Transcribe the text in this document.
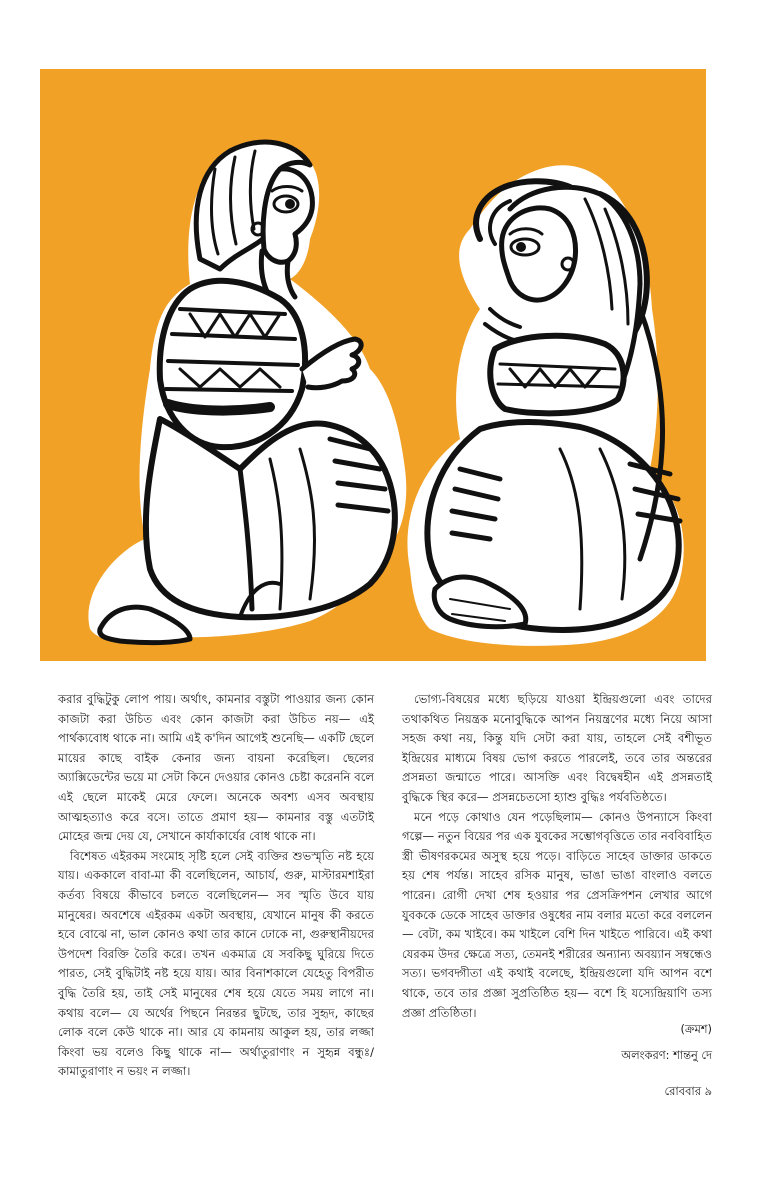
করার বুদ্ধিটুকু লোপ পায়। অর্থাৎ, কামনার বস্তুটা পাওয়ার জন্য কোন কাজটা করা উচিত এবং কোন কাজটা করা উচিত নয়— এই পার্থক্যবোধ থাকে না। আমি এই ক'দিন আগেই শুনেছি— একটি ছেলে মায়ের কাছে বাইক কেনার জন্য বায়না করেছিল। ছেলের অ্যাক্সিডেন্টের ভয়ে মা সেটা কিনে দেওয়ার কোনও চেষ্টা করেননি বলে এই ছেলে মাকেই মেরে ফেলে। অনেকে অবশ্য এসব অবস্থায় আত্মহত্যাও করে বসে। তাতে প্রমাণ হয়— কামনার বস্তু এতটাই মোহের জন্ম দেয় যে, সেখানে কার্যাকার্যের বোধ থাকে না।

বিশেষত এইরকম সংমোহ সৃষ্টি হলে সেই ব্যক্তির শুভস্মৃতি নষ্ট হয়ে যায়। এককালে বাবা-মা কী বলেছিলেন, আচার্য, গুরু, মাস্টারমশাইরা কর্তব্য বিষয়ে কীভাবে চলতে বলেছিলেন— সব স্মৃতি উবে যায় মানুষের। অবশেষে এইরকম একটা অবস্থায়, যেখানে মানুষ কী করতে হবে বোঝে না, ভাল কোনও কথা তার কানে ঢোকে না, গুরুস্থানীয়দের উপদেশ বিরক্তি তৈরি করে। তখন একমাত্র যে সবকিছু ঘুরিয়ে দিতে পারত, সেই বুদ্ধিটাই নষ্ট হয়ে যায়। আর বিনাশকালে যেহেতু বিপরীত বুদ্ধি তৈরি হয়, তাই সেই মানুষের শেষ হয়ে যেতে সময় লাগে না। কথায় বলে— যে অর্থের পিছনে নিরন্তর ছুটছে, তার সুহৃদ, কাছের লোক বলে কেউ থাকে না। আর যে কামনায় আকুল হয়, তার লজ্জা কিংবা ভয় বলেও কিছু থাকে না— অর্থাতুরাণাং ন সুহৃন্ন বন্ধুঃ/ কামাতুরাণাং ন ভয়ং ন লজ্জা।

ভোগ্য-বিষয়ের মধ্যে ছড়িয়ে যাওয়া ইন্দ্রিয়গুলো এবং তাদের তথাকথিত নিয়ন্ত্রক মনোবুদ্ধিকে আপন নিয়ন্ত্রণের মধ্যে নিয়ে আসা সহজ কথা নয়, কিন্তু যদি সেটা করা যায়, তাহলে সেই বশীভূত ইন্দ্রিয়ের মাধ্যমে বিষয় ভোগ করতে পারলেই, তবে তার অন্তরের প্রসন্নতা জন্মাতে পারে। আসক্তি এবং বিদ্বেষহীন এই প্রসন্নতাই বুদ্ধিকে স্থির করে— প্রসন্নচেতসো হ্যাশু বুদ্ধিঃ পর্যবতিষ্ঠতে।

মনে পড়ে কোথাও যেন পড়েছিলাম— কোনও উপন্যাসে কিংবা গল্পে— নতুন বিয়ের পর এক যুবকের সম্ভোগবৃত্তিতে তার নববিবাহিত স্ত্রী ভীষণরকমের অসুস্থ হয়ে পড়ে। বাড়িতে সাহেব ডাক্তার ডাকতে হয় শেষ পর্যন্ত। সাহেব রসিক মানুষ, ভাঙা ভাঙা বাংলাও বলতে পারেন। রোগী দেখা শেষ হওয়ার পর প্রেসক্রিপশন লেখার আগে যুবককে ডেকে সাহেব ডাক্তার ওষুধের নাম বলার মতো করে বললেন— বেটা, কম খাইবে। কম খাইলে বেশি দিন খাইতে পারিবে। এই কথা যেরকম উদর ক্ষেত্রে সত্য, তেমনই শরীরের অন্যান্য অবয়্যান সম্বন্ধেও সত্য। ভগবদ্গীতা এই কথাই বলেছে, ইন্দ্রিয়গুলো যদি আপন বশে থাকে, তবে তার প্রজ্ঞা সুপ্রতিষ্ঠিত হয়— বশে হি যস্যেন্দ্রিয়াণি তস্য প্রজ্ঞা প্রতিষ্ঠিতা।

(ক্রমশ)
অলংকরণ: শান্তনু দে
রোববার ৯
